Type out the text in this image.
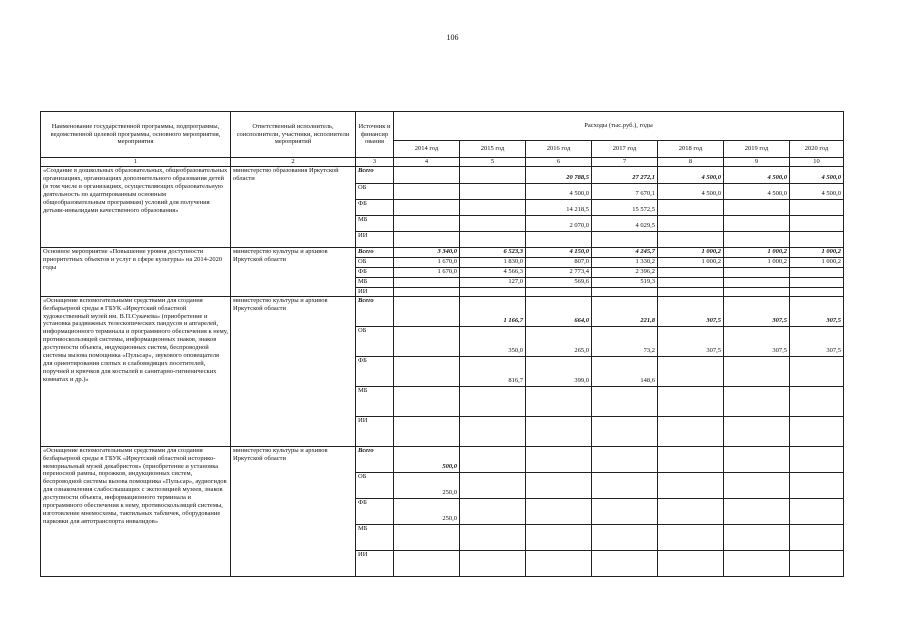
106
Наименование государственной программы, подпрограммы, ведомственной целевой программы, основного мероприятия, мероприятия	Ответственный исполнитель, соисполнители, участники, исполнители мероприятий	Источник и финансир ования	Расходы (тыс.руб.), годы						
			2014 год	2015 год	2016 год	2017 год	2018 год	2019 год	2020 год
1	2	3	4	5	6	7	8	9	10
«Создание в дошкольных образовательных, общеобразовательных организациях, организациях дополнительного образования детей (в том числе в организациях, осуществляющих образовательную деятельность по адаптированным основным общеобразовательным программам) условий для получения детьми-инвалидами качественного образования»	министерство образования Иркутской области	Всего			20 788,5	27 272,1	4 500,0	4 500,0	4 500,0
		ОБ			4 500,0	7 670,1	4 500,0	4 500,0	4 500,0
		ФБ			14 218,5	15 572,5			
		МБ			2 070,0	4 029,5			
		ИИ							
Основное мероприятие «Повышение уровня доступности приоритетных объектов и услуг в сфере культуры» на 2014-2020 годы	министерство культуры и архивов Иркутской области	Всего	3 340,0	6 523,3	4 150,0	4 245,7	1 000,2	1 000,2	1 000,2
		ОБ	1 670,0	1 830,0	807,0	1 330,2	1 000,2	1 000,2	1 000,2
		ФБ	1 670,0	4 566,3	2 773,4	2 396,2			
		МБ		127,0	569,6	519,3			
		ИИ							
«Оснащение вспомогательными средствами для создания безбарьерной среды в ГБУК «Иркутский областной художественный музей им. В.П.Сукачева» (приобретение и установка раздвижных телескопических пандусов и апгарелей, информационного терминала и программного обеспечения к нему, противоскользящей системы, информационных знаков, знаков доступности объекта, индукционных систем, беспроводной системы вызова помощника «Пульсар», звукового оповещателя для ориентирования слепых и слабовидящих посетителей, поручней и крючков для костылей в санитарно-гигиенических комнатах и др.)»	министерство культуры и архивов Иркутской области	Всего		1 166,7	664,0	221,8	307,5	307,5	307,5
		ОБ		350,0	265,0	73,2	307,5	307,5	307,5
		ФБ		816,7	399,0	148,6			
		МБ							
		ИИ							
«Оснащение вспомогательными средствами для создания безбарьерной среды в ГБУК «Иркутский областной историко-мемориальный музей декабристов» (приобретение и установка переносной рампы, порожков, индукционных систем, беспроводной системы вызова помощника «Пульсар», аудиогидов для ознакомления слабослышащих с экспозицией музеев, знаков доступности объекта, информационного терминала и программного обеспечения к нему, противоскользящей системы, изготовление мнемосхемы, тактильных табличек, оборудование парковки для автотранспорта инвалидов»	министерство культуры и архивов Иркутской области	Всего	500,0						
		ОБ	250,0						
		ФБ	250,0						
		МБ							
		ИИ							
